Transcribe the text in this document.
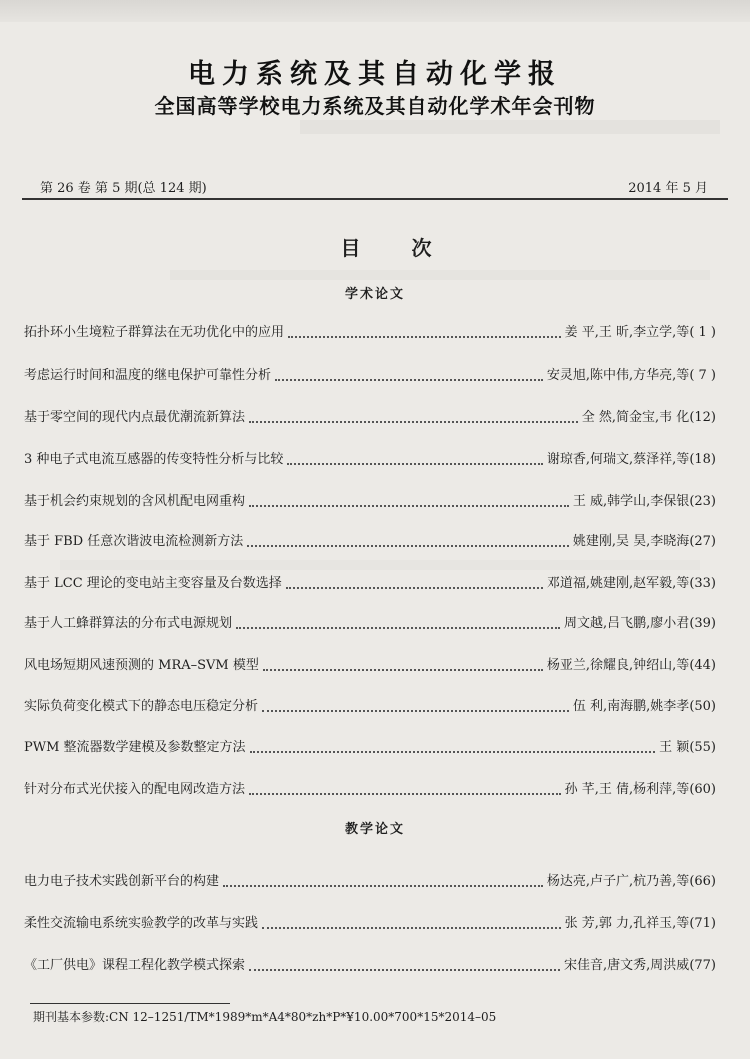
电力系统及其自动化学报
全国高等学校电力系统及其自动化学术年会刊物
第 26 卷 第 5 期(总 124 期)	2014 年 5 月
目 次
学术论文
拓扑环小生境粒子群算法在无功优化中的应用	姜 平,王 昕,李立学,等 ( 1 )
考虑运行时间和温度的继电保护可靠性分析	安灵旭,陈中伟,方华亮,等 ( 7 )
基于零空间的现代内点最优潮流新算法	全 然,简金宝,韦 化 (12)
3 种电子式电流互感器的传变特性分析与比较	谢琼香,何瑞文,蔡泽祥,等 (18)
基于机会约束规划的含风机配电网重构	王 威,韩学山,李保银 (23)
基于 FBD 任意次谐波电流检测新方法	姚建刚,吴 昊,李晓海 (27)
基于 LCC 理论的变电站主变容量及台数选择	邓道福,姚建刚,赵军毅,等 (33)
基于人工蜂群算法的分布式电源规划	周文越,吕飞鹏,廖小君 (39)
风电场短期风速预测的 MRA–SVM 模型	杨亚兰,徐耀良,钟绍山,等 (44)
实际负荷变化模式下的静态电压稳定分析	伍 利,南海鹏,姚李孝 (50)
PWM 整流器数学建模及参数整定方法	王 颖 (55)
针对分布式光伏接入的配电网改造方法	孙 芊,王 倩,杨利萍,等 (60)
教学论文
电力电子技术实践创新平台的构建	杨达亮,卢子广,杭乃善,等 (66)
柔性交流输电系统实验教学的改革与实践	张 芳,郭 力,孔祥玉,等 (71)
《工厂供电》课程工程化教学模式探索	宋佳音,唐文秀,周洪威 (77)
期刊基本参数:CN 12–1251/TM*1989*m*A4*80*zh*P*¥10.00*700*15*2014–05
